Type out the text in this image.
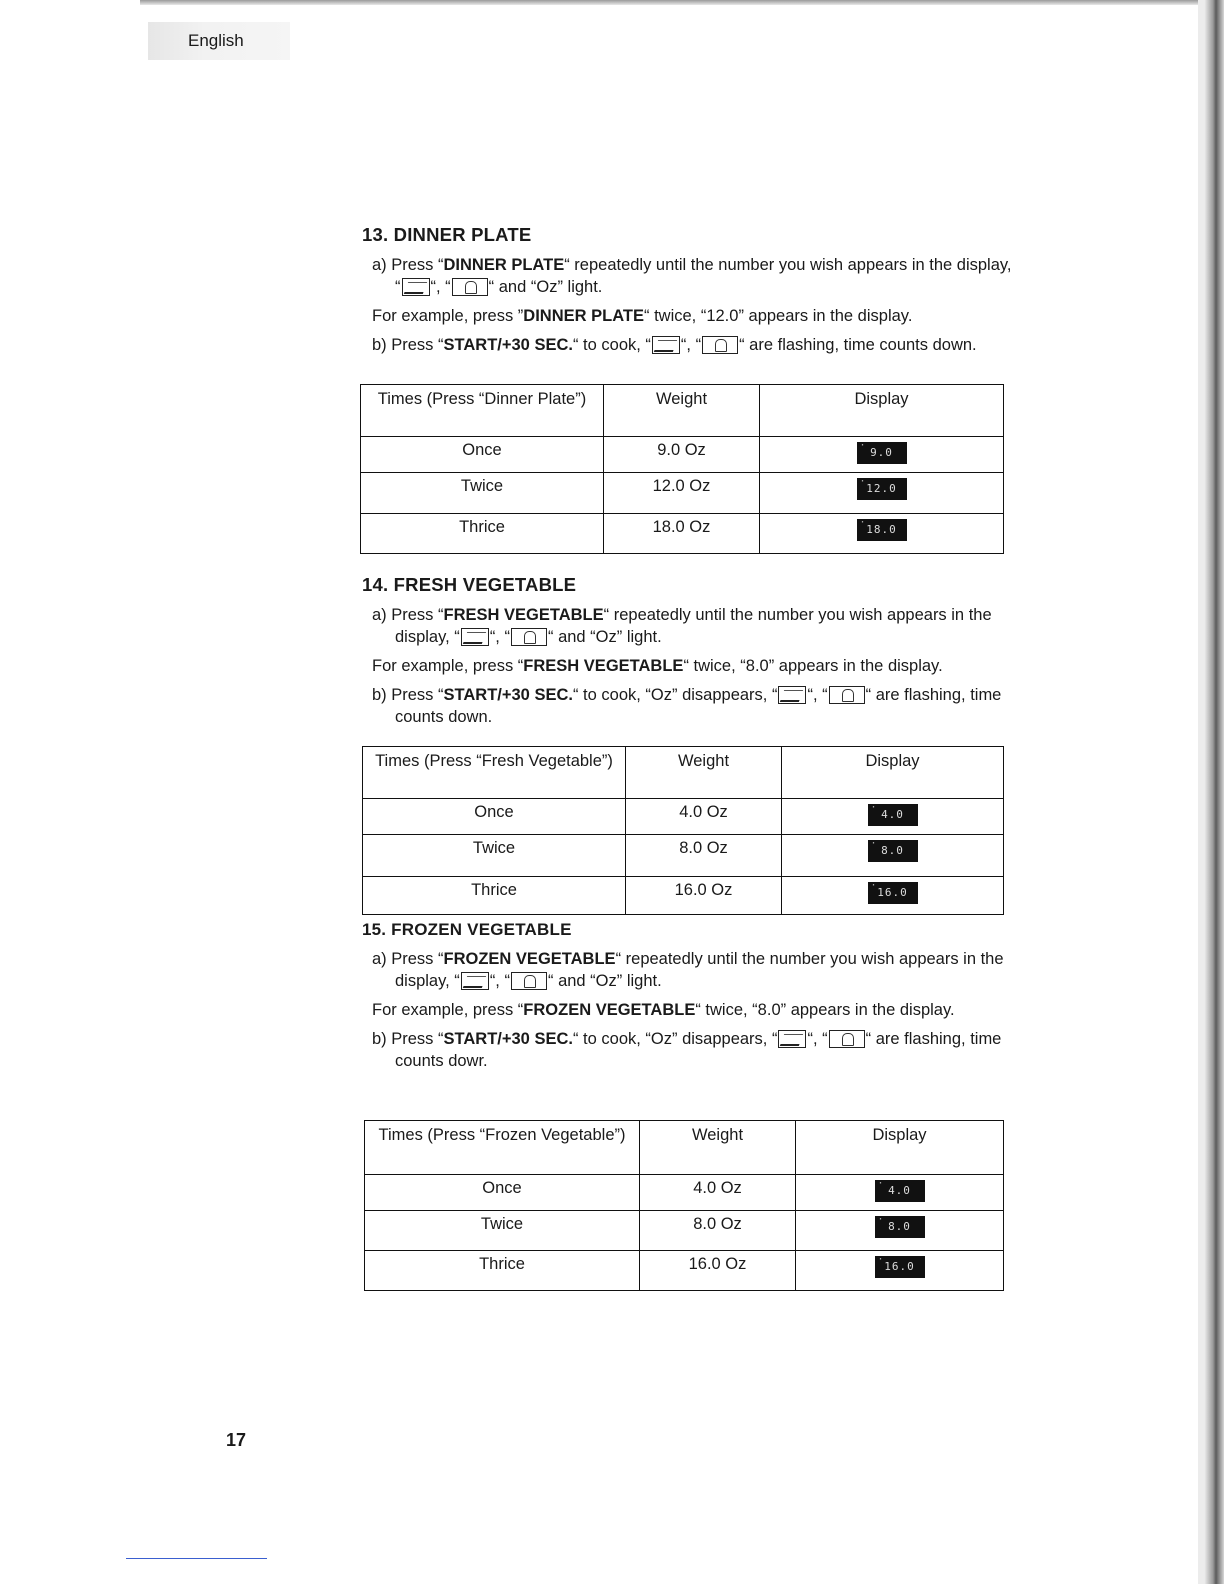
English
13. DINNER PLATE

a) Press “DINNER PLATE“ repeatedly until the number you wish appears in the display, “ “, “ “ and “Oz” light.

For example, press ”DINNER PLATE“ twice, “12.0” appears in the display.

b) Press “START/+30 SEC.“ to cook, “ “, “ “ are flashing, time counts down.

Times (Press “Dinner Plate”)	Weight	Display
Once	9.0 Oz	· 9.0
Twice	12.0 Oz	· 12.0
Thrice	18.0 Oz	· 18.0
14. FRESH VEGETABLE

a) Press “FRESH VEGETABLE“ repeatedly until the number you wish appears in the display, “ “, “ “ and “Oz” light.

For example, press “FRESH VEGETABLE“ twice, “8.0” appears in the display.

b) Press “START/+30 SEC.“ to cook, “Oz” disappears, “ “, “ “ are flashing, time counts down.

Times (Press “Fresh Vegetable”)	Weight	Display
Once	4.0 Oz	· 4.0
Twice	8.0 Oz	· 8.0
Thrice	16.0 Oz	· 16.0
15. FROZEN VEGETABLE

a) Press “FROZEN VEGETABLE“ repeatedly until the number you wish appears in the display, “ “, “ “ and “Oz” light.

For example, press “FROZEN VEGETABLE“ twice, “8.0” appears in the display.

b) Press “START/+30 SEC.“ to cook, “Oz” disappears, “ “, “ “ are flashing, time counts dowr.

Times (Press “Frozen Vegetable”)	Weight	Display
Once	4.0 Oz	· 4.0
Twice	8.0 Oz	· 8.0
Thrice	16.0 Oz	· 16.0
17
